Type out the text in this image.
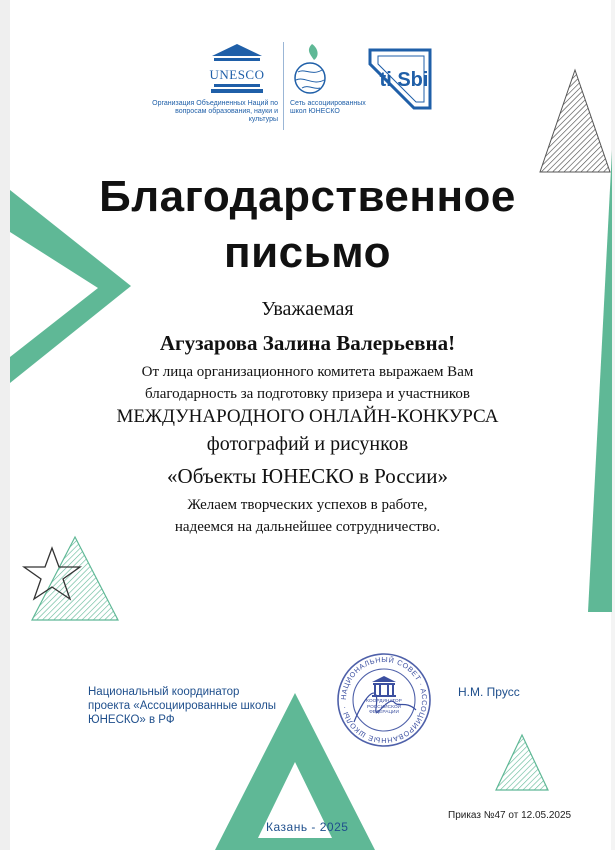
UNESCO
Организация Объединенных Наций по вопросам образования, науки и культуры
Сеть ассоциированных школ ЮНЕСКО
ti Sbi
Благодарственное
письмо
Уважаемая
Агузарова Залина Валерьевна!
От лица организационного комитета выражаем Вам
благодарность за подготовку призера и участников
МЕЖДУНАРОДНОГО ОНЛАЙН-КОНКУРСА
фотографий и рисунков
«Объекты ЮНЕСКО в России»
Желаем творческих успехов в работе,
надеемся на дальнейшее сотрудничество.
Национальный координатор
проекта «Ассоциированные школы
ЮНЕСКО» в РФ
НАЦИОНАЛЬНЫЙ СОВЕТ · АССОЦИИРОВАННЫЕ ШКОЛЫ ·
КООРДИНАТОР РОССИЙСКОЙ ФЕДЕРАЦИИ
Н.М. Прусс
Казань - 2025
Приказ №47 от 12.05.2025
